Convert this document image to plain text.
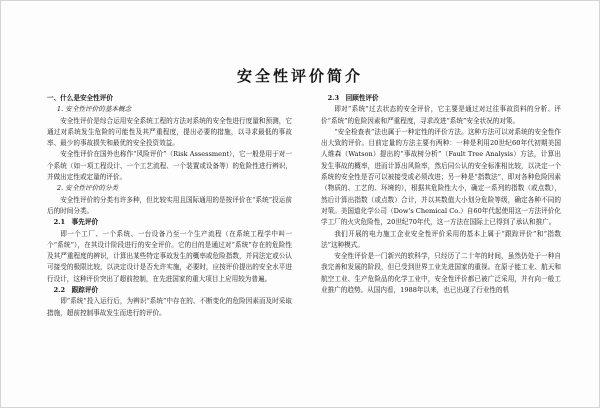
安全性评价简介
一、什么是安全性评价
1. 安全性评价的基本概念

安全性评价是综合运用安全系统工程的方法对系统的安全性进行度量和预测，它通过对系统发生危险的可能性及其严重程度，提出必要的措施，以寻求最低的事故率、最少的事故损失和最优的安全投资效益。

安全性评价在国外也称作“风险评价”（Risk Assessment），它一般是用于对一个系统（如一项工程设计、一个工艺流程、一个装置或设备等）的危险性进行辨识，并做出定性或定量的评价。

2. 安全性评价的分类

安全性评价的分类有许多种，但比较实用且国际通用的是按评价在“系统”投运前后的时间分类。

2.1　事先评价

即一个工厂、一个系统、一台设备乃至一个生产流程（在系统工程学中叫一个“系统”），在其设计阶段进行的安全评价。它的目的是通过对“系统”存在的危险性及其严重程度的辨识，计算出某些特定事故发生的概率或危险指数，并同法定或公认可接受的极限比较，以决定设计是否允许实施，必要时，应按评价提出的安全水平进行设计，这种评价突出了超前控制，在先进国家的重大项目上应用较为普遍。

2.2　跟踪评价

即“系统”投入运行后，为辨识“系统”中存在的、不断变化的危险因素而及时采取措施，超前控制事故发生而进行的评价。

2.3　回顾性评价

即对“系统”过去状态的安全评价，它主要是通过对过往事故资料的分析、评价“系统”的危险因素和严重程度，寻求改进“系统”安全状况的对策。

“安全检查表”法也属于一种定性的评价方法。这种方法可以对系统的安全性作出大致的评价。目前定量的方法主要有两种：一种是利用20世纪60年代初期美国人维森（Watson）提出的“事故树分析”（Fault Tree Analysis）方法，计算出发生事故的概率，进而计算出风险率，然后同公认的安全标准相比较，以决定一个系统的安全性是否可以被接受或必须改进；另一种是“指数法”，即对各种危险因素（物质的、工艺的、环境的），根据其危险性大小，确定一系列的指数（或点数），然后计算出指数（或点数）合计，并以其数值大小划分危险等级，确定各种不同的对策。美国道化学公司（Dow's Chemical Co.）自60年代起使用这一方法评价化学工厂的火灾危险性，20世纪70年代，这一方法在国际上已得到了承认和推广。

我们开展的电力施工企业安全性评价采用的基本上属于“跟踪评价”和“指数法”这种模式。

安全性评价是一门新兴的软科学，只经历了二十年的时间，虽然仍处于一种自我完善和发展的阶段，但已受到世界工业先进国家的重视。在原子能工业、航天和航空工业、生产危险品的化学工业中，安全性评价都已被广泛采用，并有向一般工业推广的趋势。从国内看，1988年以来，也已出现了行业性的机
